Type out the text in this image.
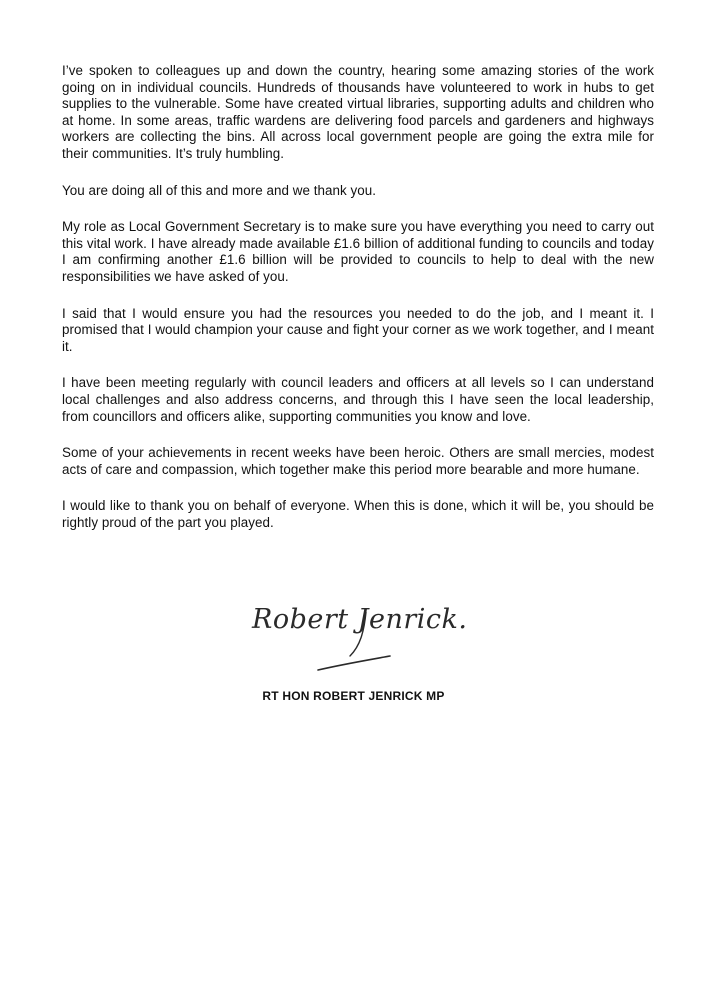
I’ve spoken to colleagues up and down the country, hearing some amazing stories of the work going on in individual councils. Hundreds of thousands have volunteered to work in hubs to get supplies to the vulnerable. Some have created virtual libraries, supporting adults and children who at home. In some areas, traffic wardens are delivering food parcels and gardeners and highways workers are collecting the bins. All across local government people are going the extra mile for their communities. It’s truly humbling.

You are doing all of this and more and we thank you.

My role as Local Government Secretary is to make sure you have everything you need to carry out this vital work. I have already made available £1.6 billion of additional funding to councils and today I am confirming another £1.6 billion will be provided to councils to help to deal with the new responsibilities we have asked of you.

I said that I would ensure you had the resources you needed to do the job, and I meant it. I promised that I would champion your cause and fight your corner as we work together, and I meant it.

I have been meeting regularly with council leaders and officers at all levels so I can understand local challenges and also address concerns, and through this I have seen the local leadership, from councillors and officers alike, supporting communities you know and love.

Some of your achievements in recent weeks have been heroic. Others are small mercies, modest acts of care and compassion, which together make this period more bearable and more humane.

I would like to thank you on behalf of everyone. When this is done, which it will be, you should be rightly proud of the part you played.

Robert Jenrick.
RT HON ROBERT JENRICK MP
